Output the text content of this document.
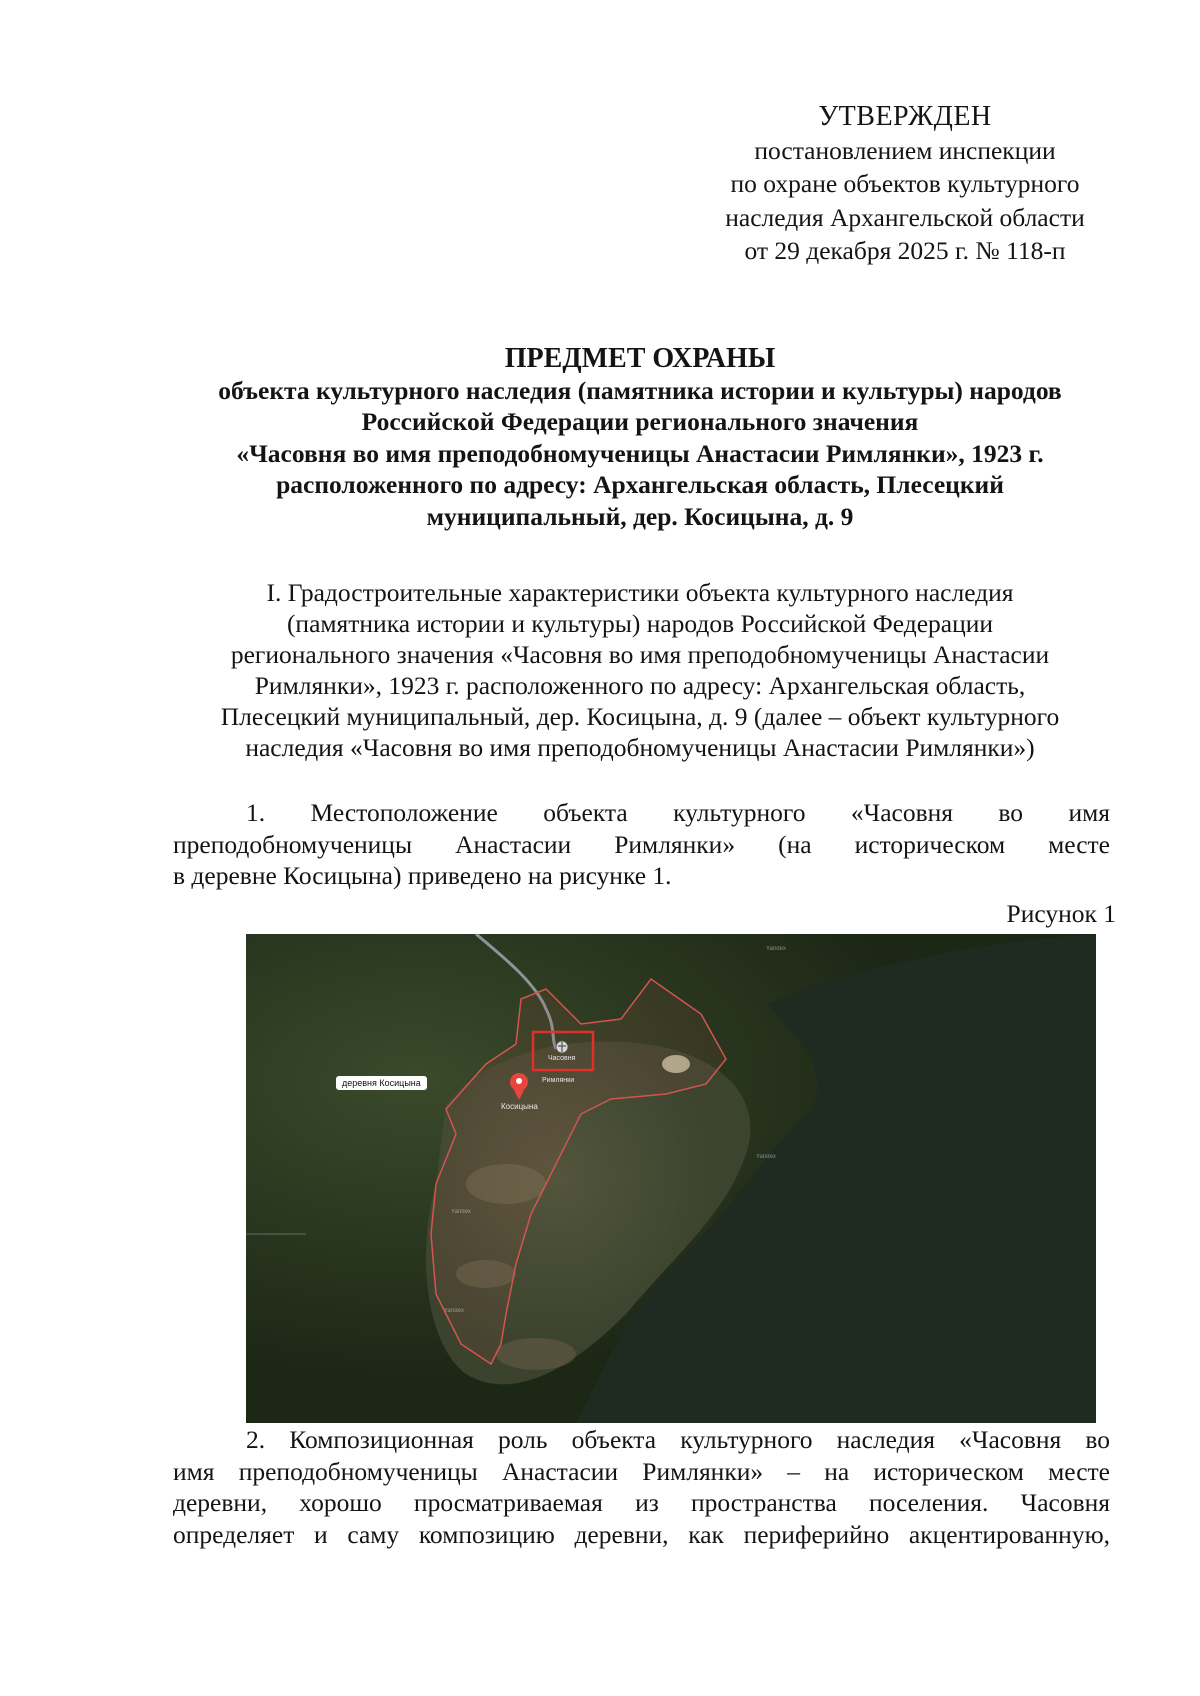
УТВЕРЖДЕН
постановлением инспекции
по охране объектов культурного
наследия Архангельской области
от 29 декабря 2025 г. № 118-п
ПРЕДМЕТ ОХРАНЫ
объекта культурного наследия (памятника истории и культуры) народов
Российской Федерации регионального значения
«Часовня во имя преподобномученицы Анастасии Римлянки», 1923 г.
расположенного по адресу: Архангельская область, Плесецкий
муниципальный, дер. Косицына, д. 9
I. Градостроительные характеристики объекта культурного наследия
(памятника истории и культуры) народов Российской Федерации
регионального значения «Часовня во имя преподобномученицы Анастасии
Римлянки», 1923 г. расположенного по адресу: Архангельская область,
Плесецкий муниципальный, дер. Косицына, д. 9 (далее – объект культурного
наследия «Часовня во имя преподобномученицы Анастасии Римлянки»)
1. Местоположение объекта культурного «Часовня во имя
преподобномученицы Анастасии Римлянки» (на историческом месте
в деревне Косицына) приведено на рисунке 1.
Рисунок 1
Часовня
Римлянки
Косицына
Yandex
Yandex
Yandex
Yandex
деревня Косицына
2. Композиционная роль объекта культурного наследия «Часовня во
имя преподобномученицы Анастасии Римлянки» – на историческом месте
деревни, хорошо просматриваемая из пространства поселения. Часовня
определяет и саму композицию деревни, как периферийно акцентированную,
